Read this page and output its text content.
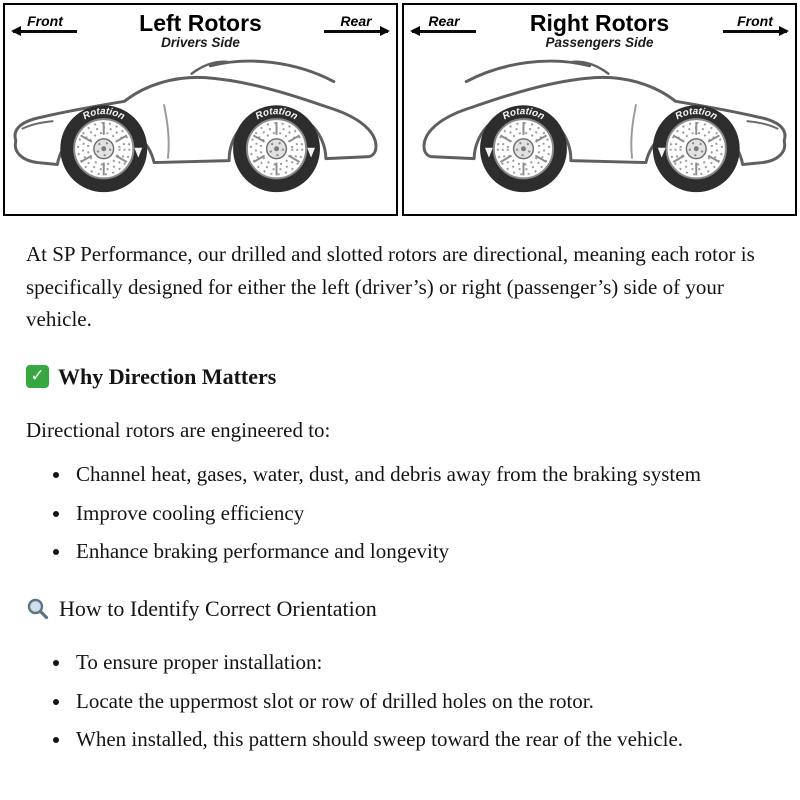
Front	Left Rotors
Drivers Side
Rear
Rotation	Rotation
Rear	Right Rotors
Passengers Side
Front
Rotation	Rotation

At SP Performance, our drilled and slotted rotors are directional, meaning each rotor is specifically designed for either the left (driver’s) or right (passenger’s) side of your vehicle.

✓
Why Direction Matters

Directional rotors are engineered to:

• Channel heat, gases, water, dust, and debris away from the braking system
• Improve cooling efficiency
• Enhance braking performance and longevity
How to Identify Correct Orientation
• To ensure proper installation:
• Locate the uppermost slot or row of drilled holes on the rotor.
• When installed, this pattern should sweep toward the rear of the vehicle.
